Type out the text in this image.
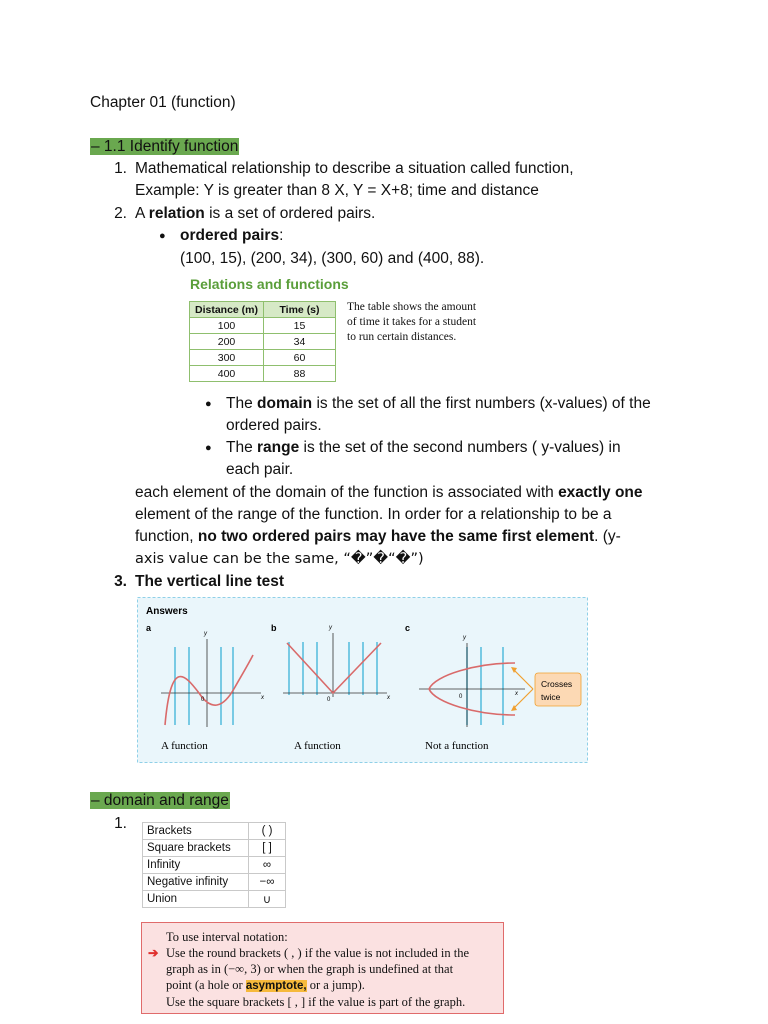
Chapter 01 (function)
– 1.1 Identify function
1. Mathematical relationship to describe a situation called function,
Example: Y is greater than 8 X, Y = X+8; time and distance
2. A relation is a set of ordered pairs.
● ordered pairs:
(100, 15), (200, 34), (300, 60) and (400, 88).
Relations and functions
Distance (m)	Time (s)
100	15
200	34
300	60
400	88
The table shows the amount
of time it takes for a student
to run certain distances.
● The domain is the set of all the first numbers (x-values) of the
ordered pairs.
● The range is the set of the second numbers ( y-values) in
each pair.
each element of the domain of the function is associated with exactly one
element of the range of the function. In order for a relationship to be a
function, no two ordered pairs may have the same first element. (y-
axis value can be the same, “�”�“�”)
3. The vertical line test
Answers
a	b	c
y
x
0
y
x
0
y
x
0
Crosses
twice
A function	A function	Not a function
– domain and range
1.	Brackets	( )
Square brackets	[ ]
Infinity	∞
Negative infinity	−∞
Union	∪
To use interval notation:
➔ Use the round brackets ( , ) if the value is not included in the
graph as in (−∞, 3) or when the graph is undefined at that
point (a hole or asymptote, or a jump).
Use the square brackets [ , ] if the value is part of the graph.
